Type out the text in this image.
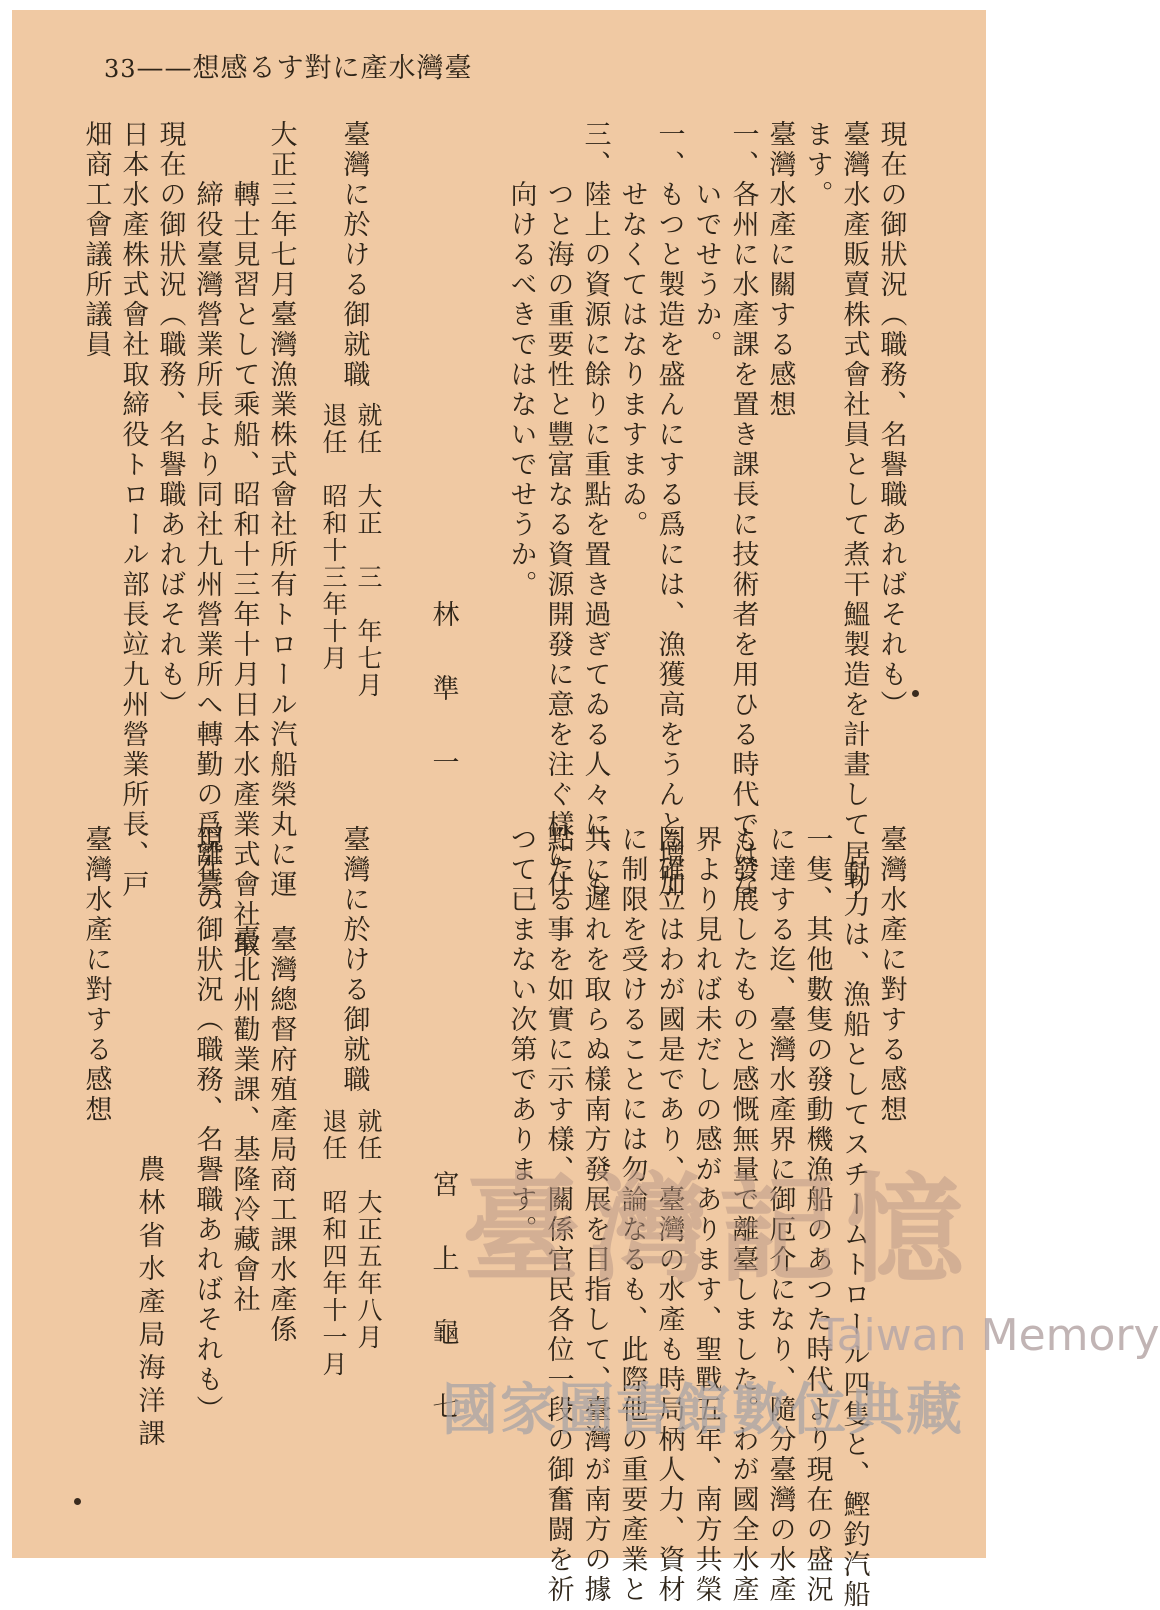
33——想感るす對に產水灣臺
現在の御狀況（職務、名譽職あればそれも）
臺灣水產販賣株式會社員として煮干鰮製造を計畫して居り
ます。
臺灣水產に關する感想
一、各州に水產課を置き課長に技術者を用ひる時代ではな
いでせうか。
一、もつと製造を盛んにする爲には、漁獲高をうんと增加
せなくてはなりますまゐ。
三、陸上の資源に餘りに重點を置き過ぎてゐる人々に、も
つと海の重要性と豐富なる資源開發に意を注ぐ樣に仕
向けるべきではないでせうか。
林　準　一
就任　大正　三　年七月
退任　昭和十三年十月
臺灣に於ける御就職
大正三年七月臺灣漁業株式會社所有トロール汽船榮丸に運
轉士見習として乘船、昭和十三年十月日本水產業式會社取
締役臺灣營業所長より同社九州營業所へ轉勤の爲離臺、
現在の御狀況（職務、名譽職あればそれも）
日本水產株式會社取締役トロール部長竝九州營業所長、戸
畑商工會議所議員
臺灣水產に對する感想
動力は、漁船としてスチームトロール四隻と、鰹釣汽船
一隻、其他數隻の發動機漁船のあつた時代より現在の盛況
に達する迄、臺灣水產界に御厄介になり、隨分臺灣の水產
も發展したものと感慨無量で離臺しました。わが國全水產
界より見れば未だしの感があります、聖戰五年、南方共榮
圏確立はわが國是であり、臺灣の水產も時局柄人力、資材
に制限を受けることには勿論なるも、此際他の重要產業と
共に遲れを取らぬ樣南方發展を目指して、臺灣が南方の據
點たる事を如實に示す樣、關係官民各位一段の御奮闘を祈
つて已まない次第であります。
宮　上　龜　七
就任　大正五年八月
退任　昭和四年十一月
臺灣に於ける御就職
臺灣總督府殖產局商工課水產係
臺北州勸業課、基隆冷藏會社
現在の御狀況（職務、名譽職あればそれも）
農林省水產局海洋課
臺灣水產に對する感想
臺灣記憶
Taiwan Memory
國家圖書館數位典藏
